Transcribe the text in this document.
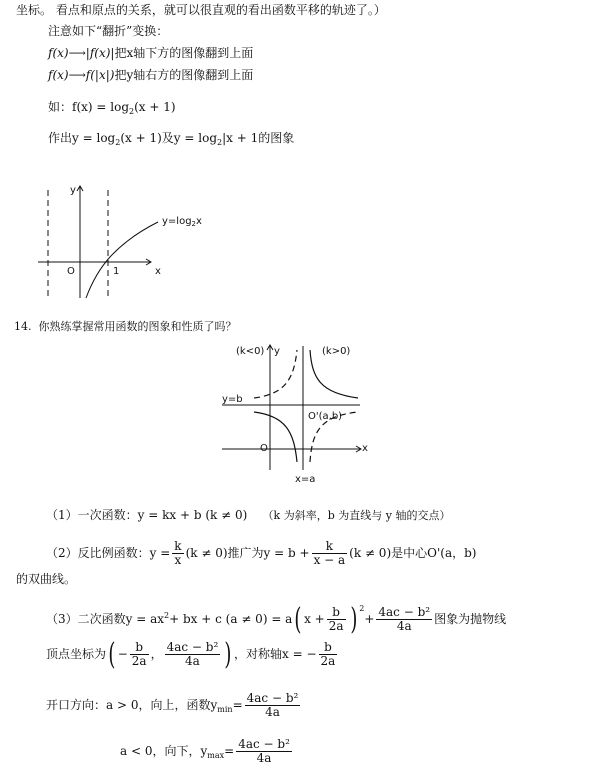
坐标。 看点和原点的关系，就可以很直观的看出函数平移的轨迹了。）
注意如下“翻折”变换：
f(x)⟶|f(x)|把x轴下方的图像翻到上面
f(x)⟶f(|x|)把y轴右方的图像翻到上面
如：$f(x) = \log_2(x + 1)$
作出$y = \log_2(x + 1)$及$y = \log_2|x + 1$的图象
y
x
O	1
$y=\log_2x$
14. 你熟练掌握常用函数的图象和性质了吗？
(k<0) y	(k>0)
y=b
O'(a,b)
O	x
x=a
（1）一次函数：y = kx + b (k ≠ 0) （k 为斜率，b 为直线与 y 轴的交点）
（2）反比例函数：$y = \frac{k}{x} (k \ne 0)$推广为$y = b + \frac{k}{x - a} (k \ne 0)$是中心O'(a，b)
的双曲线。
（3）二次函数$y = ax^2+$ bx + c (a ≠ 0) = a( $x + \frac{b}{2a}$ ) $^2+ \frac{\text{4ac − b²}}{4a}$ 图象为抛物线
顶点坐标为( − $\frac{b}{2a}$ ， $\frac{\text{4ac − b²}}{4a}$ ) ，对称轴x = − $\frac{b}{2a}$
开口方向：a > 0，向上，函数$y_{min}= \frac{\text{4ac − b²}}{4a}$
a < 0，向下，$y_{max}= \frac{\text{4ac − b²}}{4a}$
